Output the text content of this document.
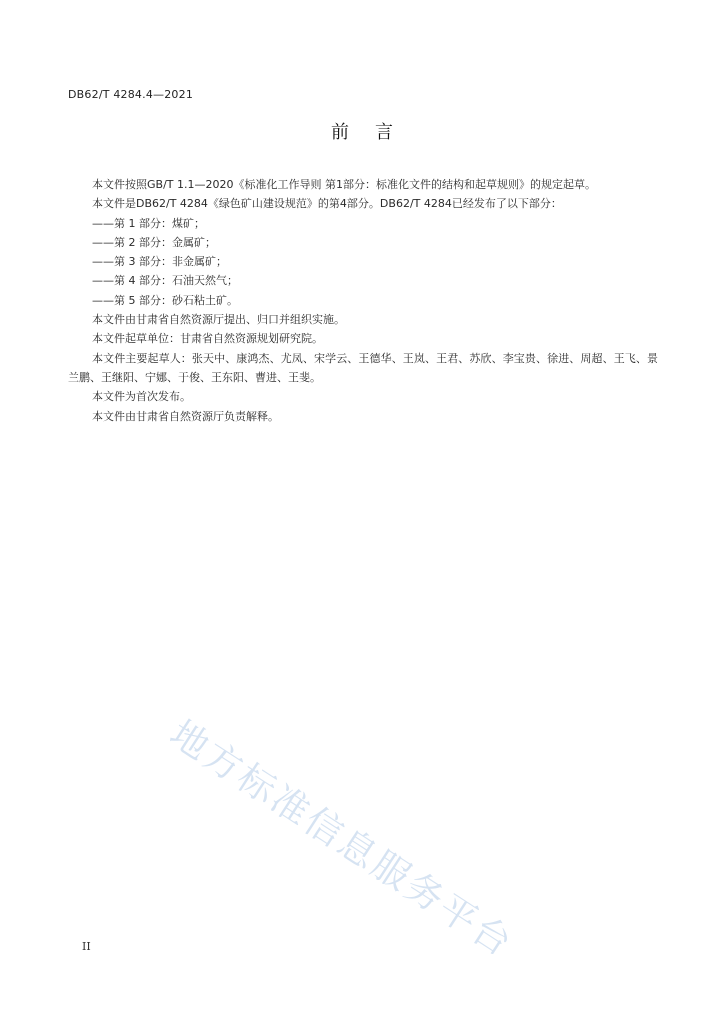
DB62/T 4284.4—2021
前言

本文件按照GB/T 1.1—2020《标准化工作导则 第1部分：标准化文件的结构和起草规则》的规定起草。

本文件是DB62/T 4284《绿色矿山建设规范》的第4部分。DB62/T 4284已经发布了以下部分：

——第 1 部分：煤矿；
——第 2 部分：金属矿；
——第 3 部分：非金属矿；
——第 4 部分：石油天然气；
——第 5 部分：砂石粘土矿。

本文件由甘肃省自然资源厅提出、归口并组织实施。

本文件起草单位：甘肃省自然资源规划研究院。

本文件主要起草人：张天中、康鸿杰、尤凤、宋学云、王德华、王岚、王君、苏欣、李宝贵、徐进、周超、王飞、景兰鹏、王继阳、宁娜、于俊、王东阳、曹进、王斐。

本文件为首次发布。

本文件由甘肃省自然资源厅负责解释。

地方标准信息服务平台
II
